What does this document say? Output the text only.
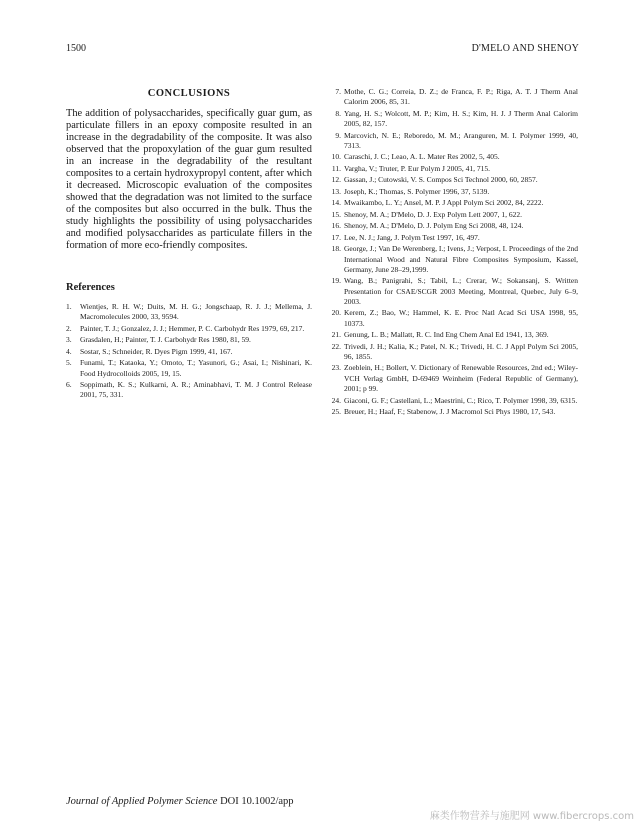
1500	D'MELO AND SHENOY
CONCLUSIONS

The addition of polysaccharides, specifically guar gum, as particulate fillers in an epoxy composite resulted in an increase in the degradability of the composite. It was also observed that the propoxylation of the guar gum resulted in an increase in the degradability of the resultant composites to a certain hydroxypropyl content, after which it decreased. Microscopic evaluation of the composites showed that the degradation was not limited to the surface of the composites but also occurred in the bulk. Thus the study highlights the possibility of using polysaccharides and modified polysaccharides as particulate fillers in the formation of more eco-friendly composites.

References
1. Wientjes, R. H. W.; Duits, M. H. G.; Jongschaap, R. J. J.; Mellema, J. Macromolecules 2000, 33, 9594.
2. Painter, T. J.; Gonzalez, J. J.; Hemmer, P. C. Carbohydr Res 1979, 69, 217.
3. Grasdalen, H.; Painter, T. J. Carbohydr Res 1980, 81, 59.
4. Sostar, S.; Schneider, R. Dyes Pigm 1999, 41, 167.
5. Funami, T.; Kataoka, Y.; Omoto, T.; Yasunori, G.; Asai, I.; Nishinari, K. Food Hydrocolloids 2005, 19, 15.
6. Soppimath, K. S.; Kulkarni, A. R.; Aminabhavi, T. M. J Control Release 2001, 75, 331.
7. Mothe, C. G.; Correia, D. Z.; de Franca, F. P.; Riga, A. T. J Therm Anal Calorim 2006, 85, 31.
8. Yang, H. S.; Wolcott, M. P.; Kim, H. S.; Kim, H. J. J Therm Anal Calorim 2005, 82, 157.
9. Marcovich, N. E.; Reboredo, M. M.; Aranguren, M. I. Polymer 1999, 40, 7313.
10. Caraschi, J. C.; Leao, A. L. Mater Res 2002, 5, 405.
11. Vargha, V.; Truter, P. Eur Polym J 2005, 41, 715.
12. Gassan, J.; Cutowski, V. S. Compos Sci Technol 2000, 60, 2857.
13. Joseph, K.; Thomas, S. Polymer 1996, 37, 5139.
14. Mwaikambo, L. Y.; Ansel, M. P. J Appl Polym Sci 2002, 84, 2222.
15. Shenoy, M. A.; D'Melo, D. J. Exp Polym Lett 2007, 1, 622.
16. Shenoy, M. A.; D'Melo, D. J. Polym Eng Sci 2008, 48, 124.
17. Lee, N. J.; Jang, J. Polym Test 1997, 16, 497.
18. George, J.; Van De Werenberg, I.; Ivens, J.; Verpost, I. Proceedings of the 2nd International Wood and Natural Fibre Composites Symposium, Kassel, Germany, June 28–29,1999.
19. Wang, B.; Panigrahi, S.; Tabil, L.; Crerar, W.; Sokansanj, S. Written Presentation for CSAE/SCGR 2003 Meeting, Montreal, Quebec, July 6–9, 2003.
20. Kerem, Z.; Bao, W.; Hammel, K. E. Proc Natl Acad Sci USA 1998, 95, 10373.
21. Genung, L. B.; Mallatt, R. C. Ind Eng Chem Anal Ed 1941, 13, 369.
22. Trivedi, J. H.; Kalia, K.; Patel, N. K.; Trivedi, H. C. J Appl Polym Sci 2005, 96, 1855.
23. Zoeblein, H.; Bollert, V. Dictionary of Renewable Resources, 2nd ed.; Wiley-VCH Verlag GmbH, D-69469 Weinheim (Federal Republic of Germany), 2001; p 99.
24. Giaconi, G. F.; Castellani, L.; Maestrini, C.; Rico, T. Polymer 1998, 39, 6315.
25. Breuer, H.; Haaf, F.; Stabenow, J. J Macromol Sci Phys 1980, 17, 543.
Journal of Applied Polymer Science DOI 10.1002/app
麻类作物营养与施肥网 www.fibercrops.com
